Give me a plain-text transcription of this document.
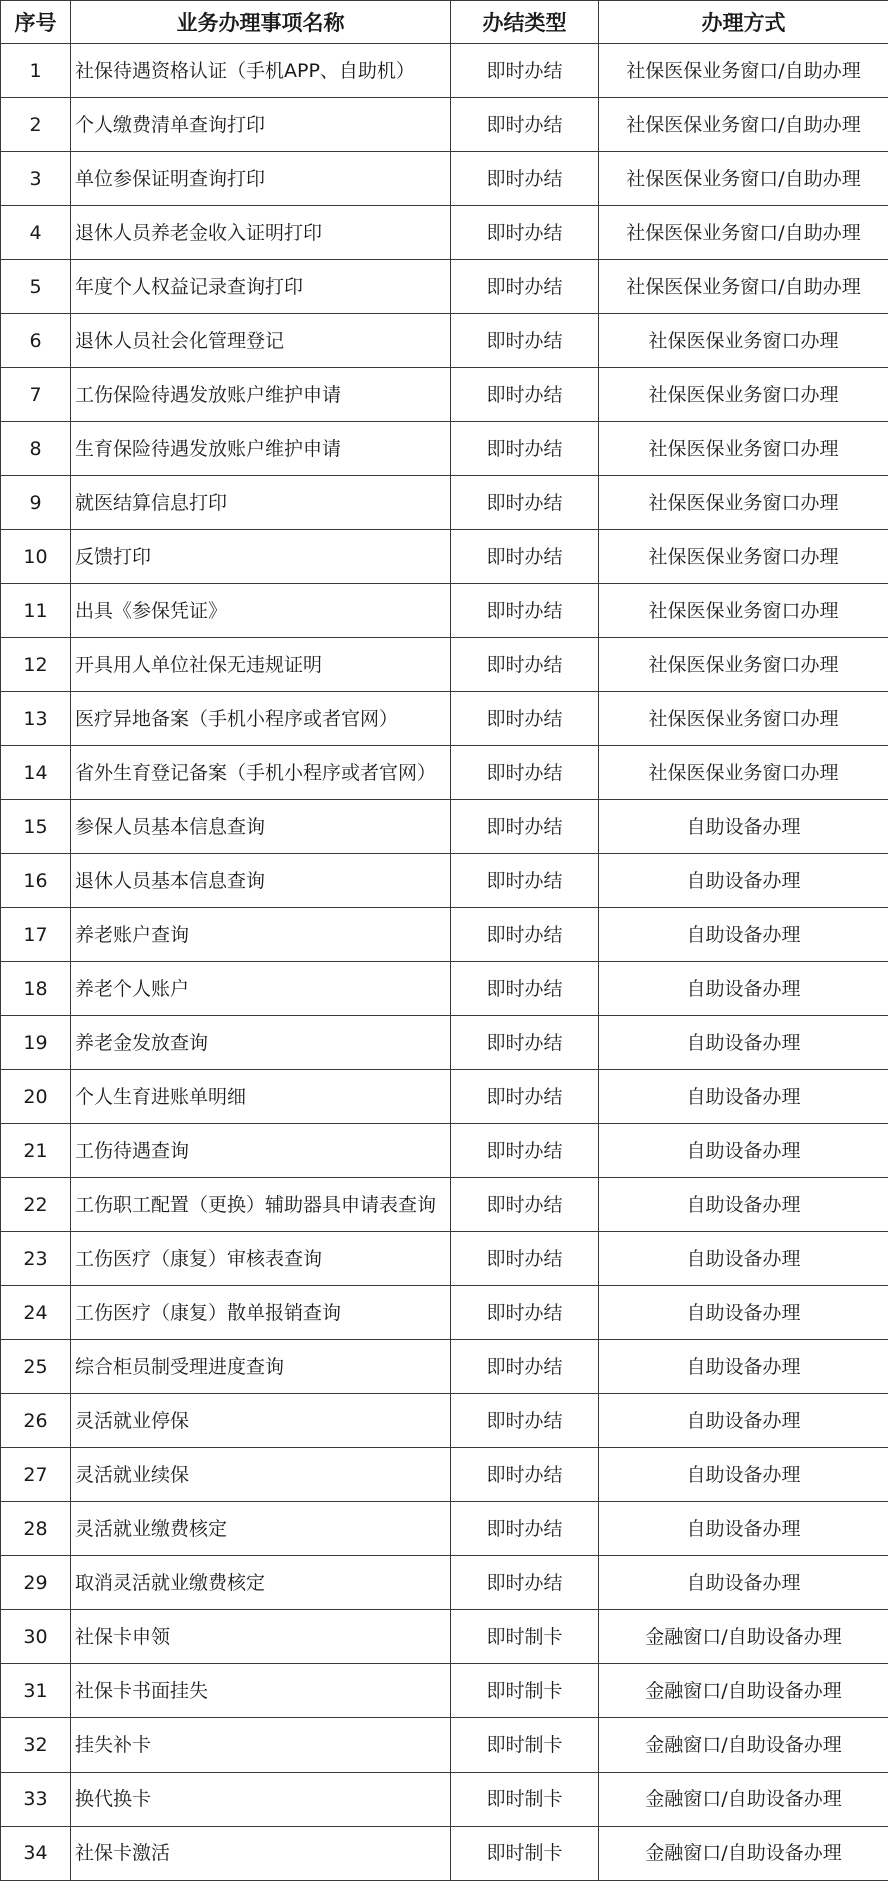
序号	业务办理事项名称	办结类型	办理方式
1	社保待遇资格认证（手机APP、自助机）	即时办结	社保医保业务窗口/自助办理
2	个人缴费清单查询打印	即时办结	社保医保业务窗口/自助办理
3	单位参保证明查询打印	即时办结	社保医保业务窗口/自助办理
4	退休人员养老金收入证明打印	即时办结	社保医保业务窗口/自助办理
5	年度个人权益记录查询打印	即时办结	社保医保业务窗口/自助办理
6	退休人员社会化管理登记	即时办结	社保医保业务窗口办理
7	工伤保险待遇发放账户维护申请	即时办结	社保医保业务窗口办理
8	生育保险待遇发放账户维护申请	即时办结	社保医保业务窗口办理
9	就医结算信息打印	即时办结	社保医保业务窗口办理
10	反馈打印	即时办结	社保医保业务窗口办理
11	出具《参保凭证》	即时办结	社保医保业务窗口办理
12	开具用人单位社保无违规证明	即时办结	社保医保业务窗口办理
13	医疗异地备案（手机小程序或者官网）	即时办结	社保医保业务窗口办理
14	省外生育登记备案（手机小程序或者官网）	即时办结	社保医保业务窗口办理
15	参保人员基本信息查询	即时办结	自助设备办理
16	退休人员基本信息查询	即时办结	自助设备办理
17	养老账户查询	即时办结	自助设备办理
18	养老个人账户	即时办结	自助设备办理
19	养老金发放查询	即时办结	自助设备办理
20	个人生育进账单明细	即时办结	自助设备办理
21	工伤待遇查询	即时办结	自助设备办理
22	工伤职工配置（更换）辅助器具申请表查询	即时办结	自助设备办理
23	工伤医疗（康复）审核表查询	即时办结	自助设备办理
24	工伤医疗（康复）散单报销查询	即时办结	自助设备办理
25	综合柜员制受理进度查询	即时办结	自助设备办理
26	灵活就业停保	即时办结	自助设备办理
27	灵活就业续保	即时办结	自助设备办理
28	灵活就业缴费核定	即时办结	自助设备办理
29	取消灵活就业缴费核定	即时办结	自助设备办理
30	社保卡申领	即时制卡	金融窗口/自助设备办理
31	社保卡书面挂失	即时制卡	金融窗口/自助设备办理
32	挂失补卡	即时制卡	金融窗口/自助设备办理
33	换代换卡	即时制卡	金融窗口/自助设备办理
34	社保卡激活	即时制卡	金融窗口/自助设备办理
